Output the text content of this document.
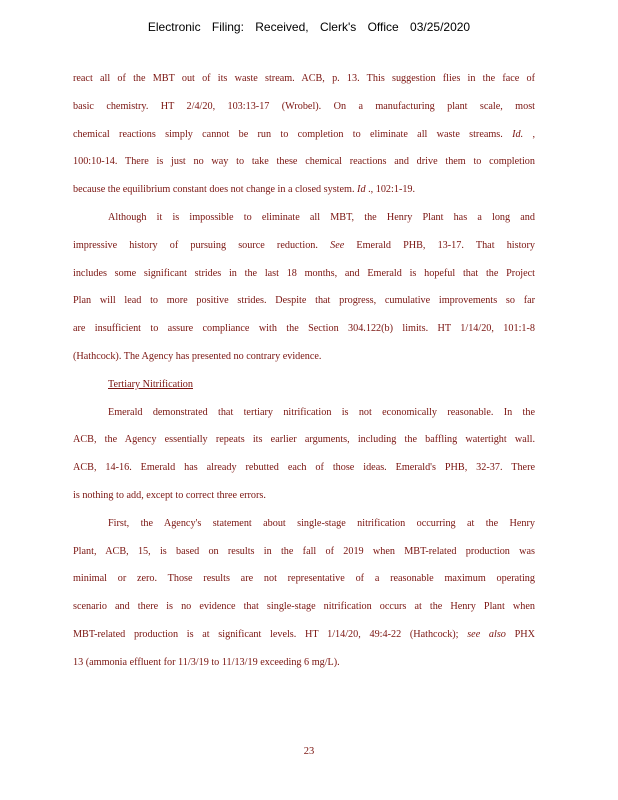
Electronic Filing: Received, Clerk's Office 03/25/2020
react all of the MBT out of its waste stream. ACB, p. 13. This suggestion flies in the face of
basic chemistry. HT 2/4/20, 103:13-17 (Wrobel). On a manufacturing plant scale, most
chemical reactions simply cannot be run to completion to eliminate all waste streams. Id. ,
100:10-14. There is just no way to take these chemical reactions and drive them to completion
because the equilibrium constant does not change in a closed system. Id ., 102:1-19.
Although it is impossible to eliminate all MBT, the Henry Plant has a long and
impressive history of pursuing source reduction. See Emerald PHB, 13-17. That history
includes some significant strides in the last 18 months, and Emerald is hopeful that the Project
Plan will lead to more positive strides. Despite that progress, cumulative improvements so far
are insufficient to assure compliance with the Section 304.122(b) limits. HT 1/14/20, 101:1-8
(Hathcock). The Agency has presented no contrary evidence.
Tertiary Nitrification
Emerald demonstrated that tertiary nitrification is not economically reasonable. In the
ACB, the Agency essentially repeats its earlier arguments, including the baffling watertight wall.
ACB, 14-16. Emerald has already rebutted each of those ideas. Emerald's PHB, 32-37. There
is nothing to add, except to correct three errors.
First, the Agency's statement about single-stage nitrification occurring at the Henry
Plant, ACB, 15, is based on results in the fall of 2019 when MBT-related production was
minimal or zero. Those results are not representative of a reasonable maximum operating
scenario and there is no evidence that single-stage nitrification occurs at the Henry Plant when
MBT-related production is at significant levels. HT 1/14/20, 49:4-22 (Hathcock); see also PHX
13 (ammonia effluent for 11/3/19 to 11/13/19 exceeding 6 mg/L).
23
